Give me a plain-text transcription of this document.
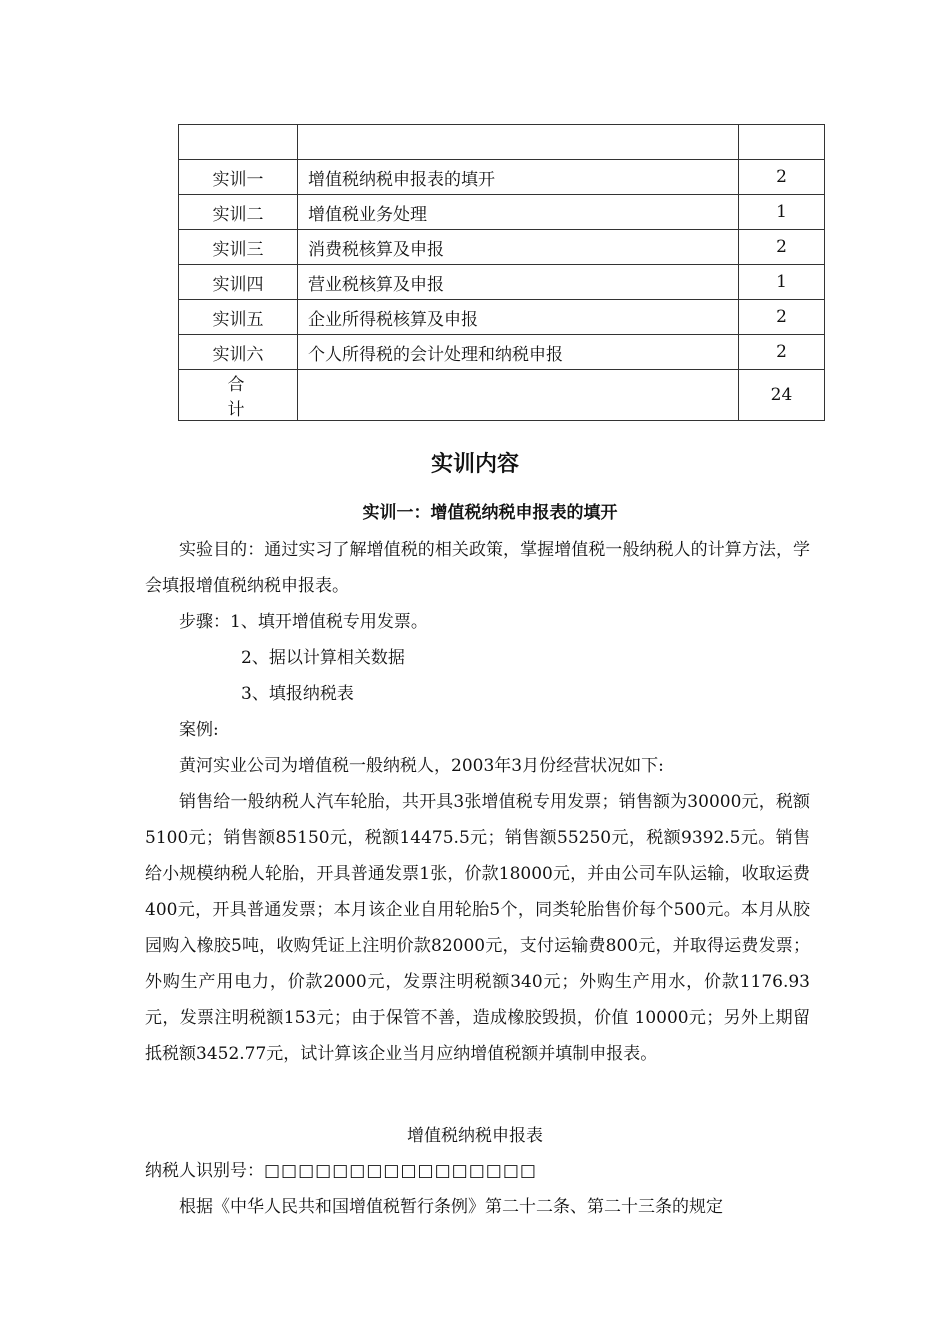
实训一	增值税纳税申报表的填开	2
实训二	增值税业务处理	1
实训三	消费税核算及申报	2
实训四	营业税核算及申报	1
实训五	企业所得税核算及申报	2
实训六	个人所得税的会计处理和纳税申报	2
合计		24
实训内容
实训一：增值税纳税申报表的填开
实验目的：通过实习了解增值税的相关政策，掌握增值税一般纳税人的计算方法，学会填报增值税纳税申报表。
步骤：1、填开增值税专用发票。
2、据以计算相关数据
3、填报纳税表
案例:
黄河实业公司为增值税一般纳税人，2003年3月份经营状况如下:
销售给一般纳税人汽车轮胎，共开具3张增值税专用发票；销售额为30000元，税额5100元；销售额85150元，税额14475.5元；销售额55250元，税额9392.5元。销售给小规模纳税人轮胎，开具普通发票1张，价款18000元，并由公司车队运输，收取运费400元，开具普通发票；本月该企业自用轮胎5个，同类轮胎售价每个500元。本月从胶园购入橡胶5吨，收购凭证上注明价款82000元，支付运输费800元，并取得运费发票；外购生产用电力，价款2000元，发票注明税额340元；外购生产用水，价款1176.93元，发票注明税额153元；由于保管不善，造成橡胶毁损，价值 10000元；另外上期留抵税额3452.77元，试计算该企业当月应纳增值税额并填制申报表。
增值税纳税申报表
纳税人识别号：□□□□□□□□□□□□□□□□
根据《中华人民共和国增值税暂行条例》第二十二条、第二十三条的规定
